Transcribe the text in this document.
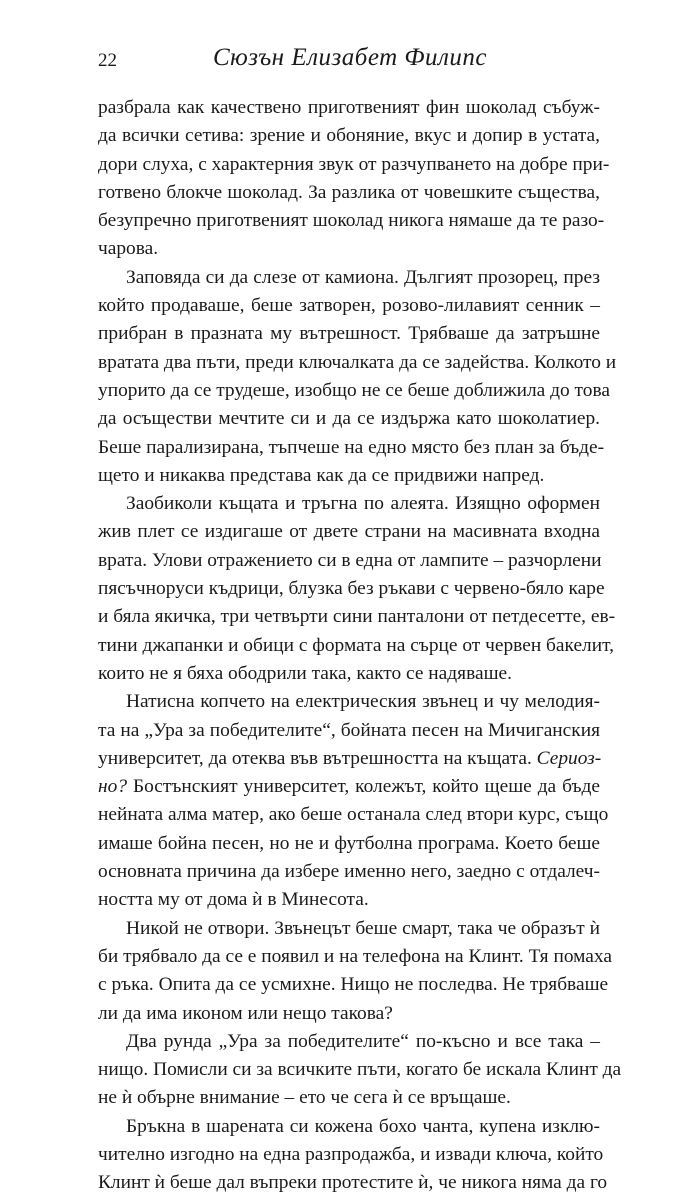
22	Сюзън Елизабет Филипс
разбрала как качествено приготвеният фин шоколад събуж-
да всички сетива: зрение и обоняние, вкус и допир в устата,
дори слуха, с характерния звук от разчупването на добре при-
готвено блокче шоколад. За разлика от човешките същества,
безупречно приготвеният шоколад никога нямаше да те разо-
чарова.
Заповяда си да слезе от камиона. Дългият прозорец, през
който продаваше, беше затворен, розово-лилавият сенник –
прибран в празната му вътрешност. Трябваше да затръшне
вратата два пъти, преди ключалката да се задейства. Колкото и
упорито да се трудеше, изобщо не се беше доближила до това
да осъществи мечтите си и да се издържа като шоколатиер.
Беше парализирана, тъпчеше на едно място без план за бъде-
щето и никаква представа как да се придвижи напред.
Заобиколи къщата и тръгна по алеята. Изящно оформен
жив плет се издигаше от двете страни на масивната входна
врата. Улови отражението си в една от лампите – разчорлени
пясъчноруси къдрици, блузка без ръкави с червено-бяло каре
и бяла якичка, три четвърти сини панталони от петдесетте, ев-
тини джапанки и обици с формата на сърце от червен бакелит,
които не я бяха ободрили така, както се надяваше.
Натисна копчето на електрическия звънец и чу мелодия-
та на „Ура за победителите“, бойната песен на Мичиганския
университет, да отеква във вътрешността на къщата. Сериоз-
но? Бостънският университет, колежът, който щеше да бъде
нейната алма матер, ако беше останала след втори курс, също
имаше бойна песен, но не и футболна програма. Което беше
основната причина да избере именно него, заедно с отдалеч-
ността му от дома ѝ в Минесота.
Никой не отвори. Звънецът беше смарт, така че образът ѝ
би трябвало да се е появил и на телефона на Клинт. Тя помаха
с ръка. Опита да се усмихне. Нищо не последва. Не трябваше
ли да има иконом или нещо такова?
Два рунда „Ура за победителите“ по-късно и все така –
нищо. Помисли си за всичките пъти, когато бе искала Клинт да
не ѝ обърне внимание – ето че сега ѝ се връщаше.
Бръкна в шарената си кожена бохо чанта, купена изклю-
чително изгодно на една разпродажба, и извади ключа, който
Клинт ѝ беше дал въпреки протестите ѝ, че никога няма да го
